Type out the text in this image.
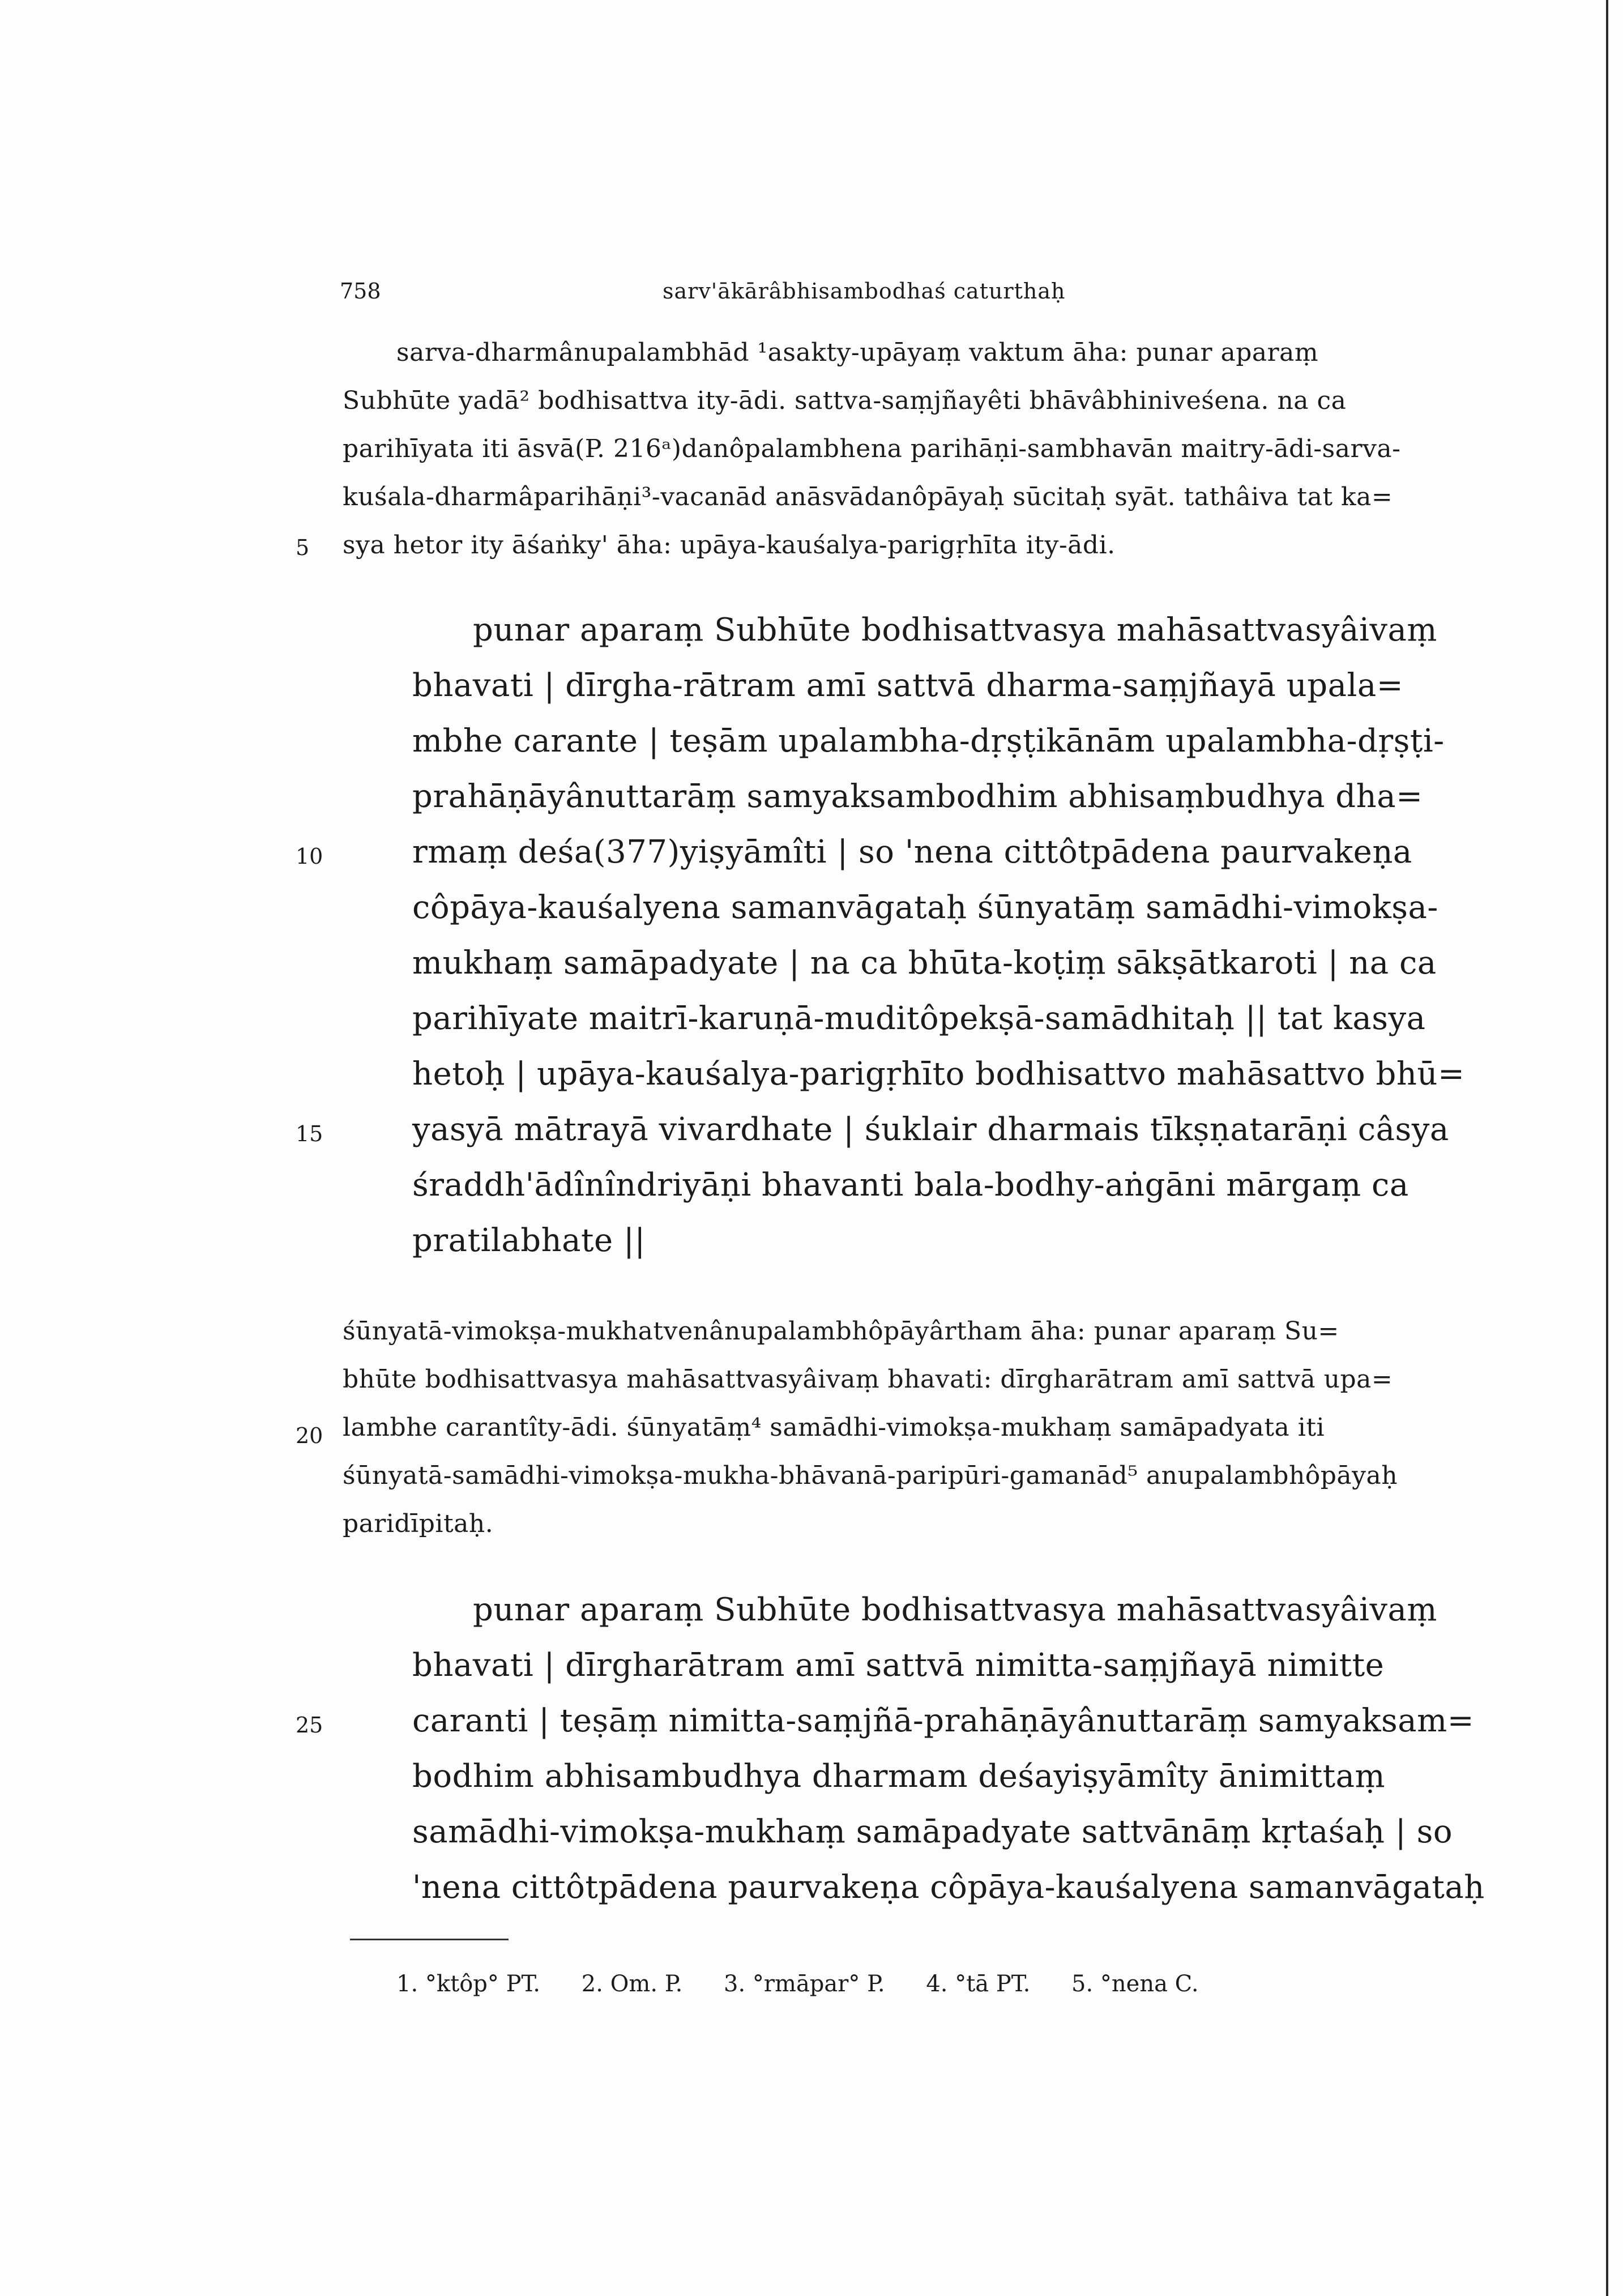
758	sarv'ākārâbhisambodhaś caturthaḥ
sarva-dharmânupalambhād ¹asakty-upāyaṃ vaktum āha: punar aparaṃ
Subhūte yadā² bodhisattva ity-ādi. sattva-saṃjñayêti bhāvâbhiniveśena. na ca
parihīyata iti āsvā(P. 216ᵃ)danôpalambhena parihāṇi-sambhavān maitry-ādi-sarva-
kuśala-dharmâparihāṇi³-vacanād anāsvādanôpāyaḥ sūcitaḥ syāt. tathâiva tat ka=
sya hetor ity āśaṅky' āha: upāya-kauśalya-parigṛhīta ity-ādi.
5
punar aparaṃ Subhūte bodhisattvasya mahāsattvasyâivaṃ
bhavati | dīrgha-rātram amī sattvā dharma-saṃjñayā upala=
mbhe carante | teṣām upalambha-dṛṣṭikānām upalambha-dṛṣṭi-
prahāṇāyânuttarāṃ samyaksambodhim abhisaṃbudhya dha=
rmaṃ deśa(377)yiṣyāmîti | so 'nena cittôtpādena paurvakeṇa
10
côpāya-kauśalyena samanvāgataḥ śūnyatāṃ samādhi-vimokṣa-
mukhaṃ samāpadyate | na ca bhūta-koṭiṃ sākṣātkaroti | na ca
parihīyate maitrī-karuṇā-muditôpekṣā-samādhitaḥ || tat kasya
hetoḥ | upāya-kauśalya-parigṛhīto bodhisattvo mahāsattvo bhū=
yasyā mātrayā vivardhate | śuklair dharmais tīkṣṇatarāṇi câsya
15
śraddh'ādînîndriyāṇi bhavanti bala-bodhy-aṅgāni mārgaṃ ca
pratilabhate ||
śūnyatā-vimokṣa-mukhatvenânupalambhôpāyârtham āha: punar aparaṃ Su=
bhūte bodhisattvasya mahāsattvasyâivaṃ bhavati: dīrgharātram amī sattvā upa=
lambhe carantîty-ādi. śūnyatāṃ⁴ samādhi-vimokṣa-mukhaṃ samāpadyata iti
20
śūnyatā-samādhi-vimokṣa-mukha-bhāvanā-paripūri-gamanād⁵ anupalambhôpāyaḥ
paridīpitaḥ.
punar aparaṃ Subhūte bodhisattvasya mahāsattvasyâivaṃ
bhavati | dīrgharātram amī sattvā nimitta-saṃjñayā nimitte
caranti | teṣāṃ nimitta-saṃjñā-prahāṇāyânuttarāṃ samyaksam=
25
bodhim abhisambudhya dharmam deśayiṣyāmîty ānimittaṃ
samādhi-vimokṣa-mukhaṃ samāpadyate sattvānāṃ kṛtaśaḥ | so
'nena cittôtpādena paurvakeṇa côpāya-kauśalyena samanvāgataḥ
1. °ktôp° PT. 2. Om. P. 3. °rmāpar° P. 4. °tā PT. 5. °nena C.
